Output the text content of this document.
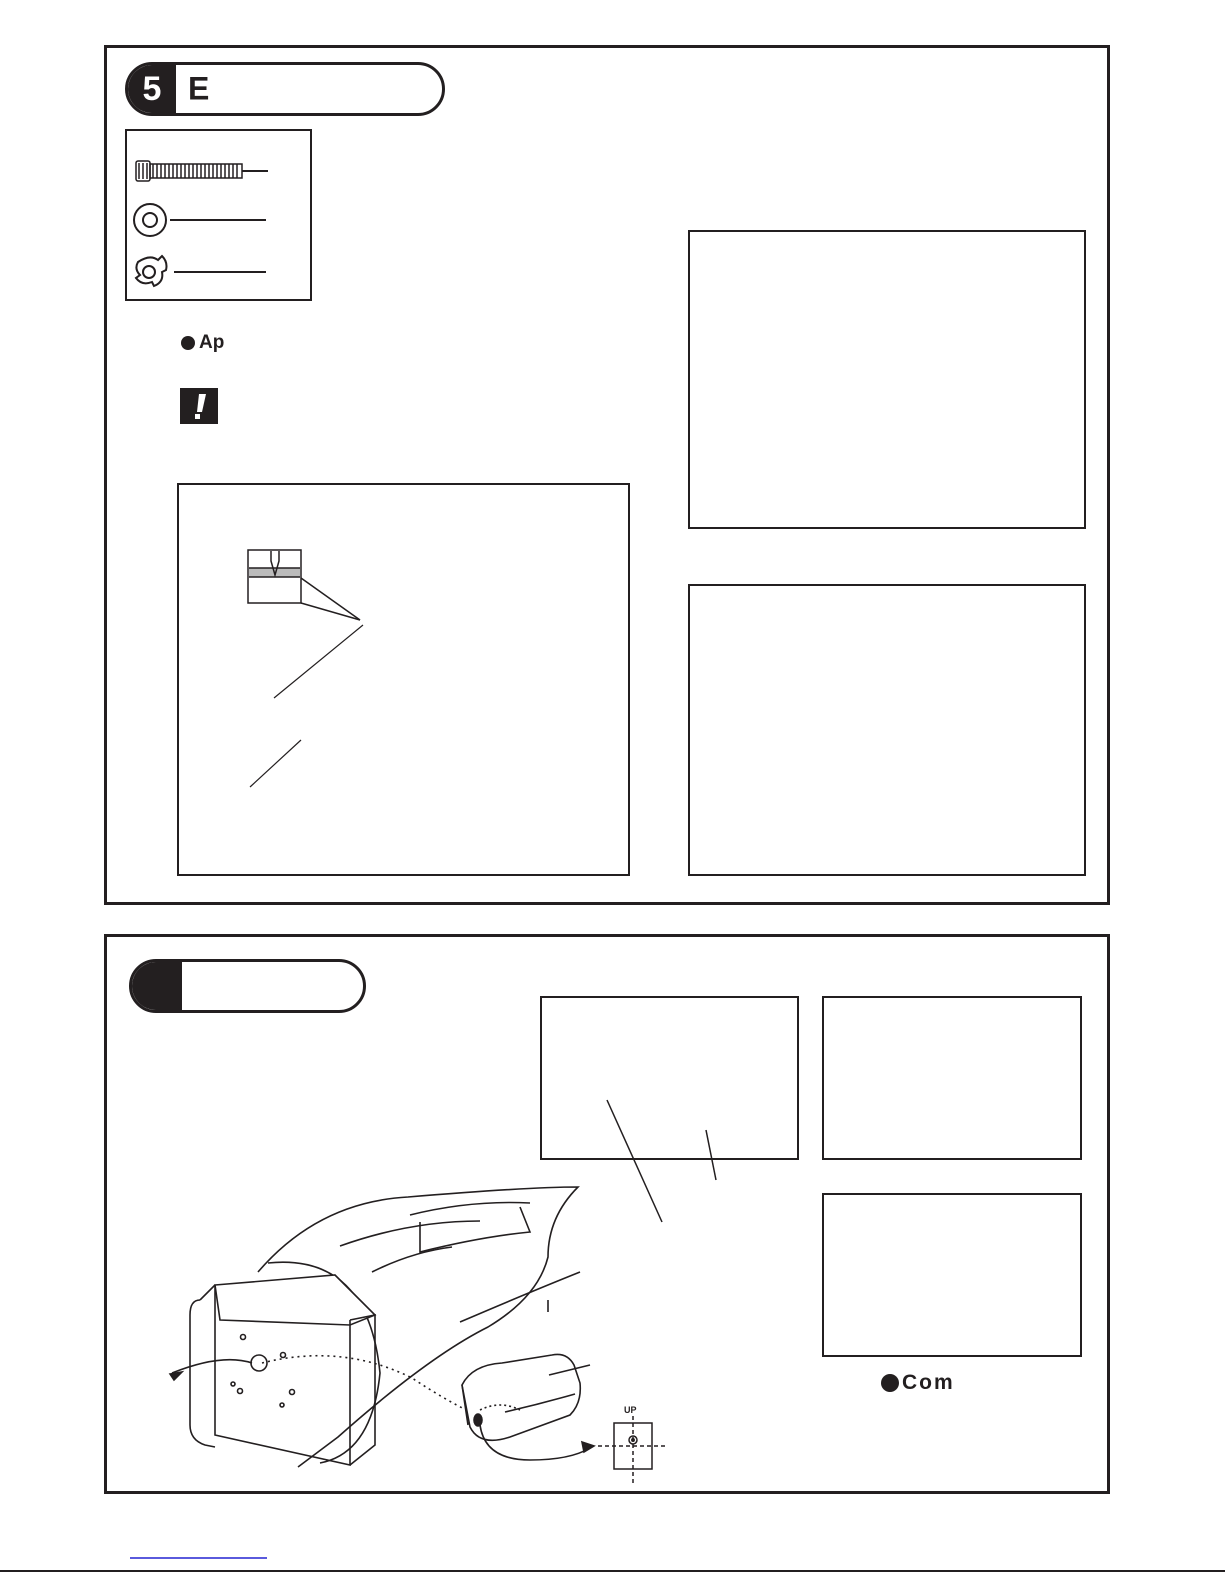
5 E
Ap
Com
UP
